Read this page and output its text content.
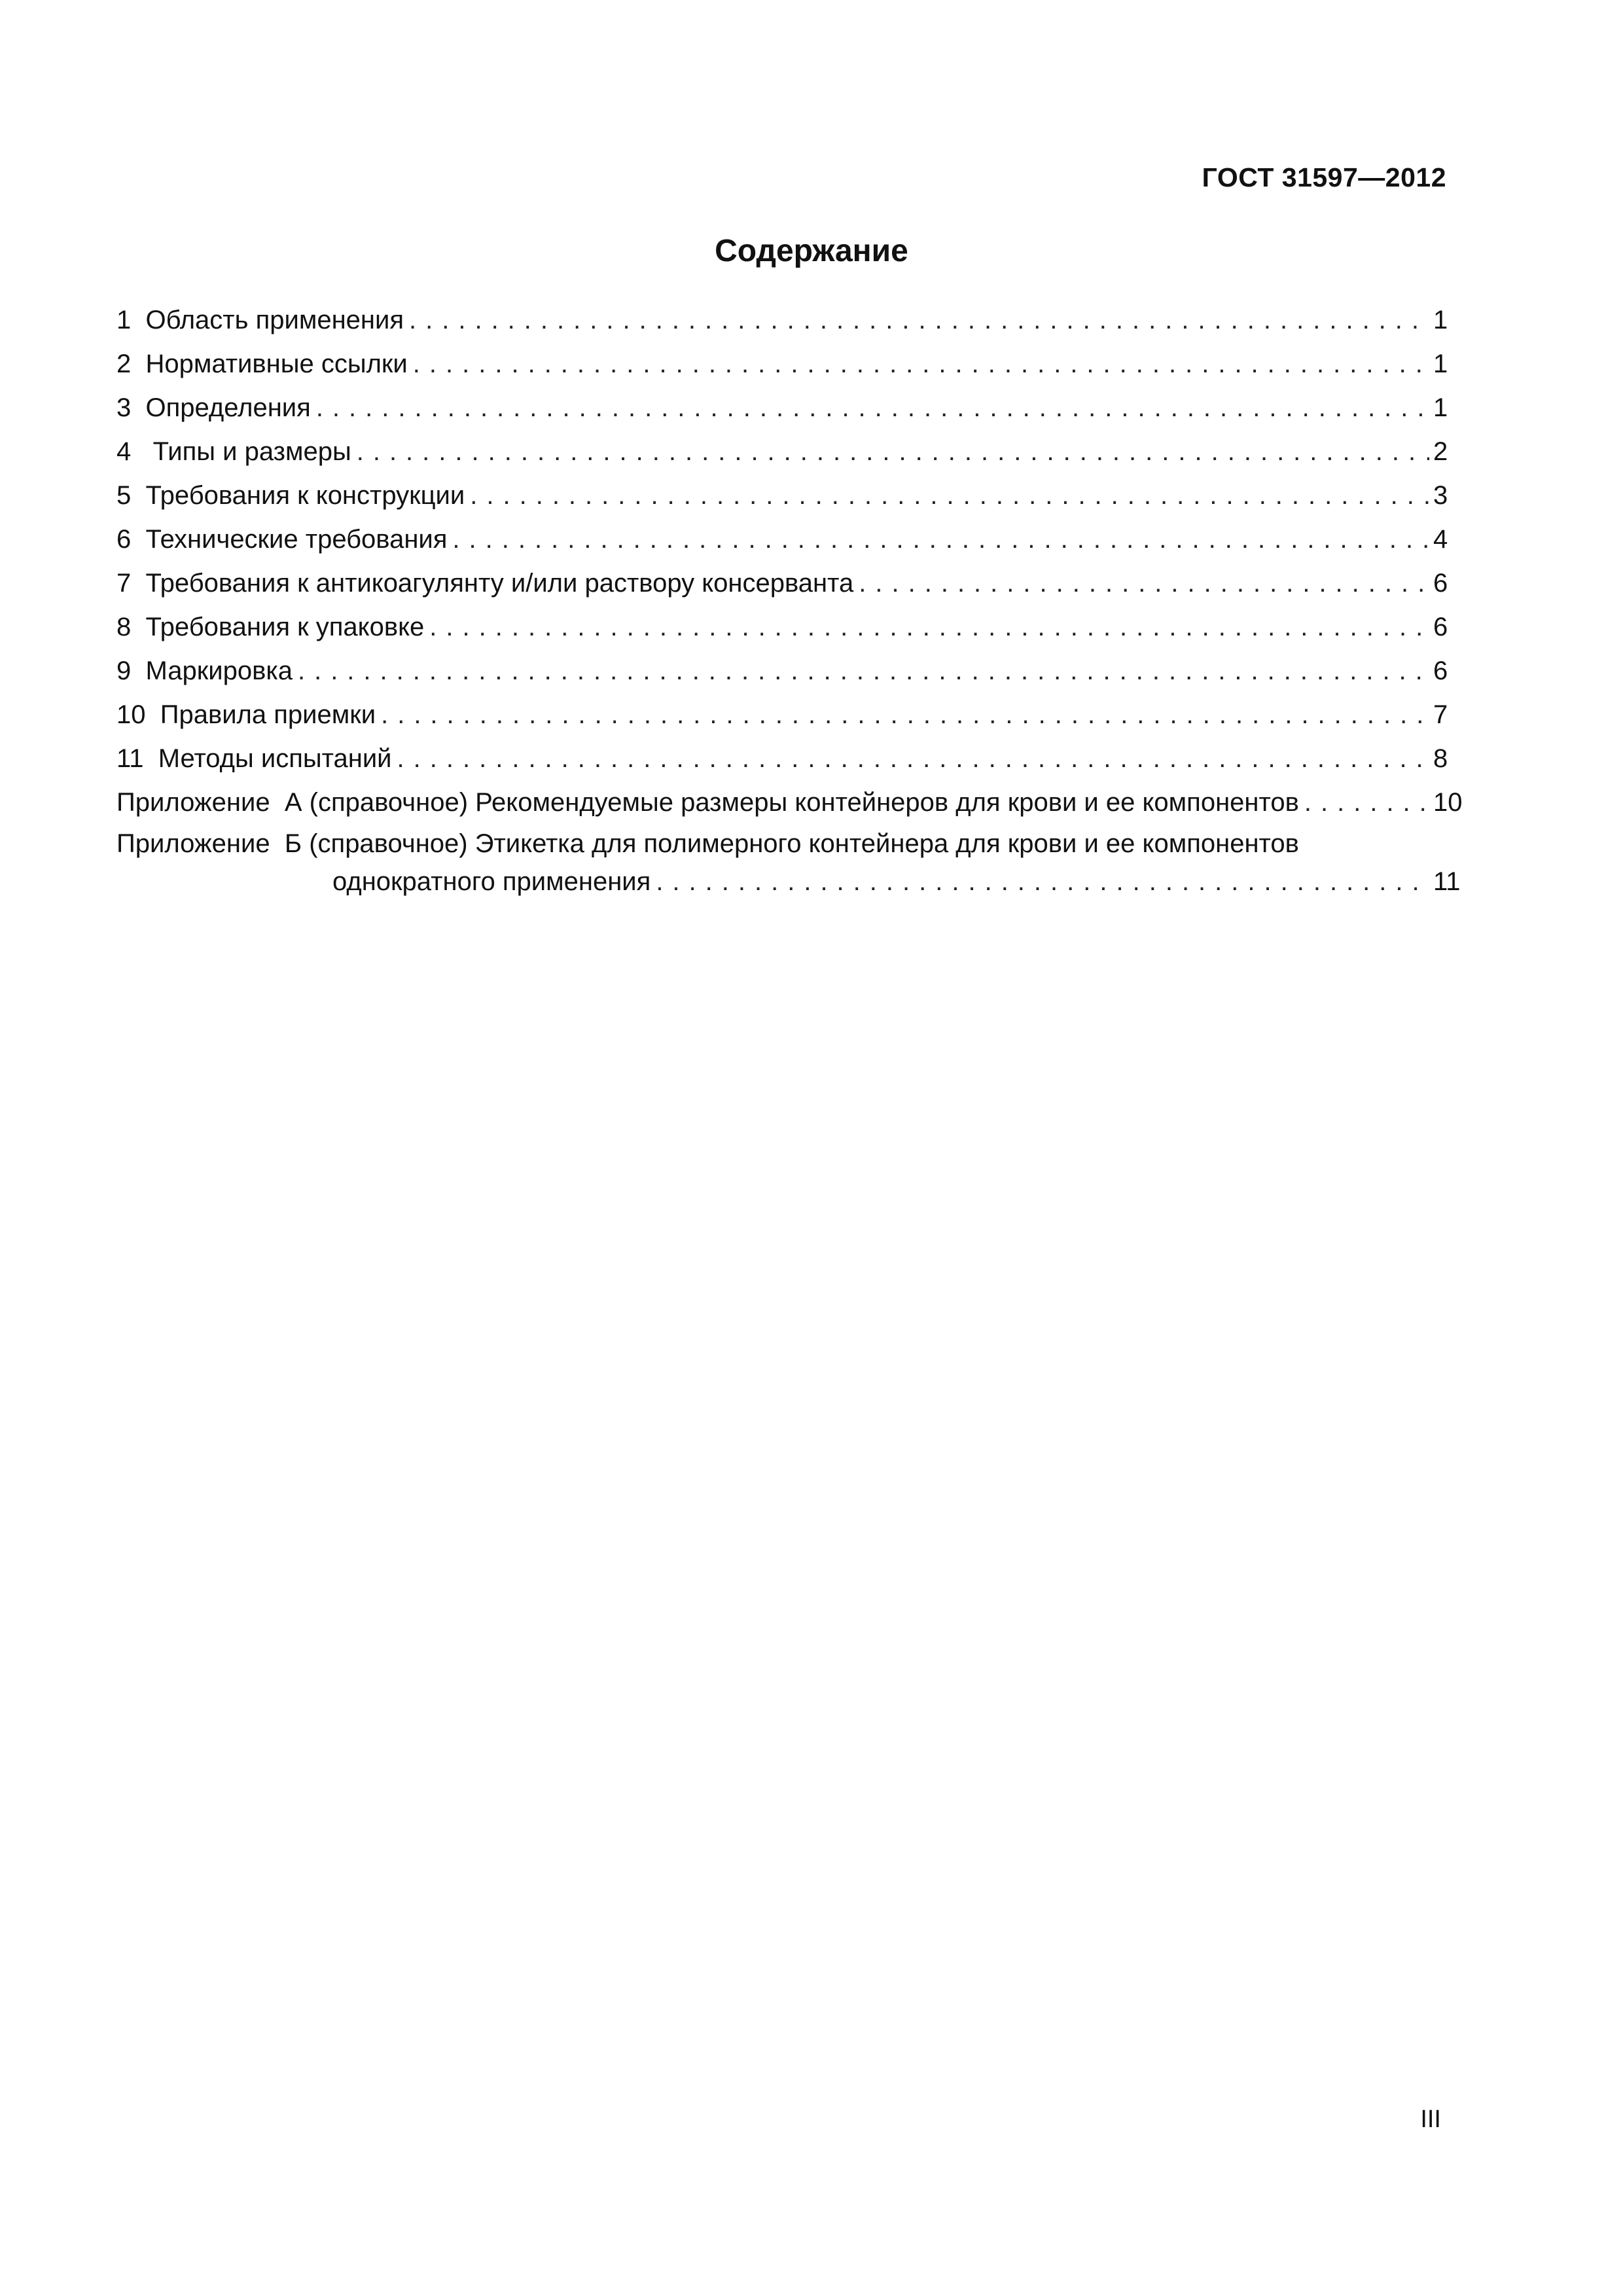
ГОСТ 31597—2012
Содержание
1 Область применения .....	1
2 Нормативные ссылки .....	1
3 Определения .....	1
4 Типы и размеры .....	2
5 Требования к конструкции .....	3
6 Технические требования .....	4
7 Требования к антикоагулянту и/или раствору консерванта .....	6
8 Требования к упаковке .....	6
9 Маркировка .....	6
10 Правила приемки .....	7
11 Методы испытаний .....	8
Приложение А (справочное) Рекомендуемые размеры контейнеров для крови и ее компонентов .....	10
Приложение  Б (справочное) Этикетка для полимерного контейнера для крови и ее компонентов
однократного применения .....	11
III
